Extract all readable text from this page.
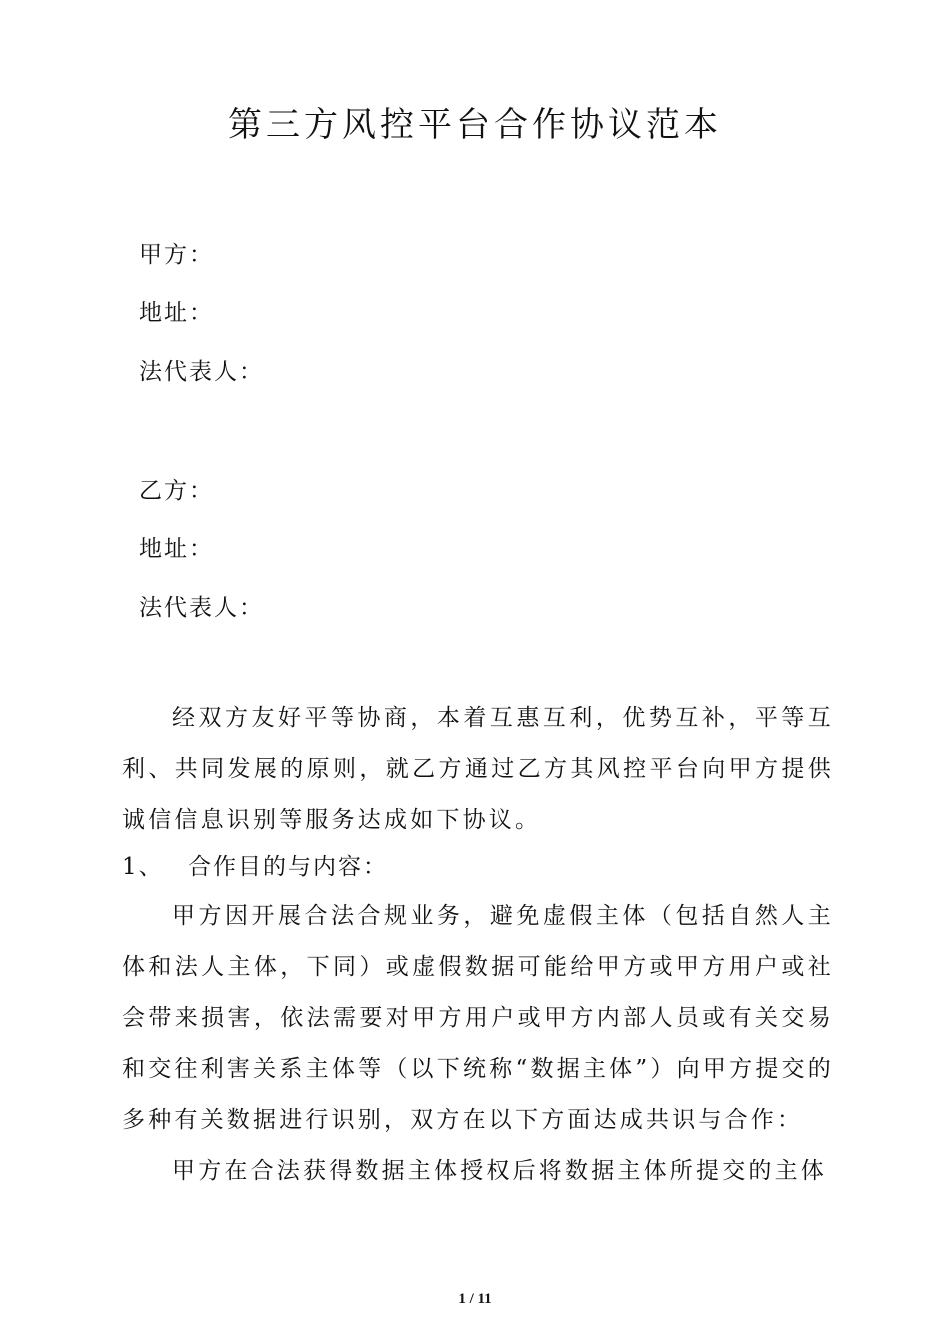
第三方风控平台合作协议范本
甲方：
地址：
法代表人：
乙方：
地址：
法代表人：
经双方友好平等协商，本着互惠互利，优势互补，平等互利、共同发展的原则，就乙方通过乙方其风控平台向甲方提供诚信信息识别等服务达成如下协议。
1、 合作目的与内容：
甲方因开展合法合规业务，避免虚假主体（包括自然人主体和法人主体，下同）或虚假数据可能给甲方或甲方用户或社会带来损害，依法需要对甲方用户或甲方内部人员或有关交易和交往利害关系主体等（以下统称“数据主体”）向甲方提交的多种有关数据进行识别，双方在以下方面达成共识与合作：
甲方在合法获得数据主体授权后将数据主体所提交的主体
1 / 11
